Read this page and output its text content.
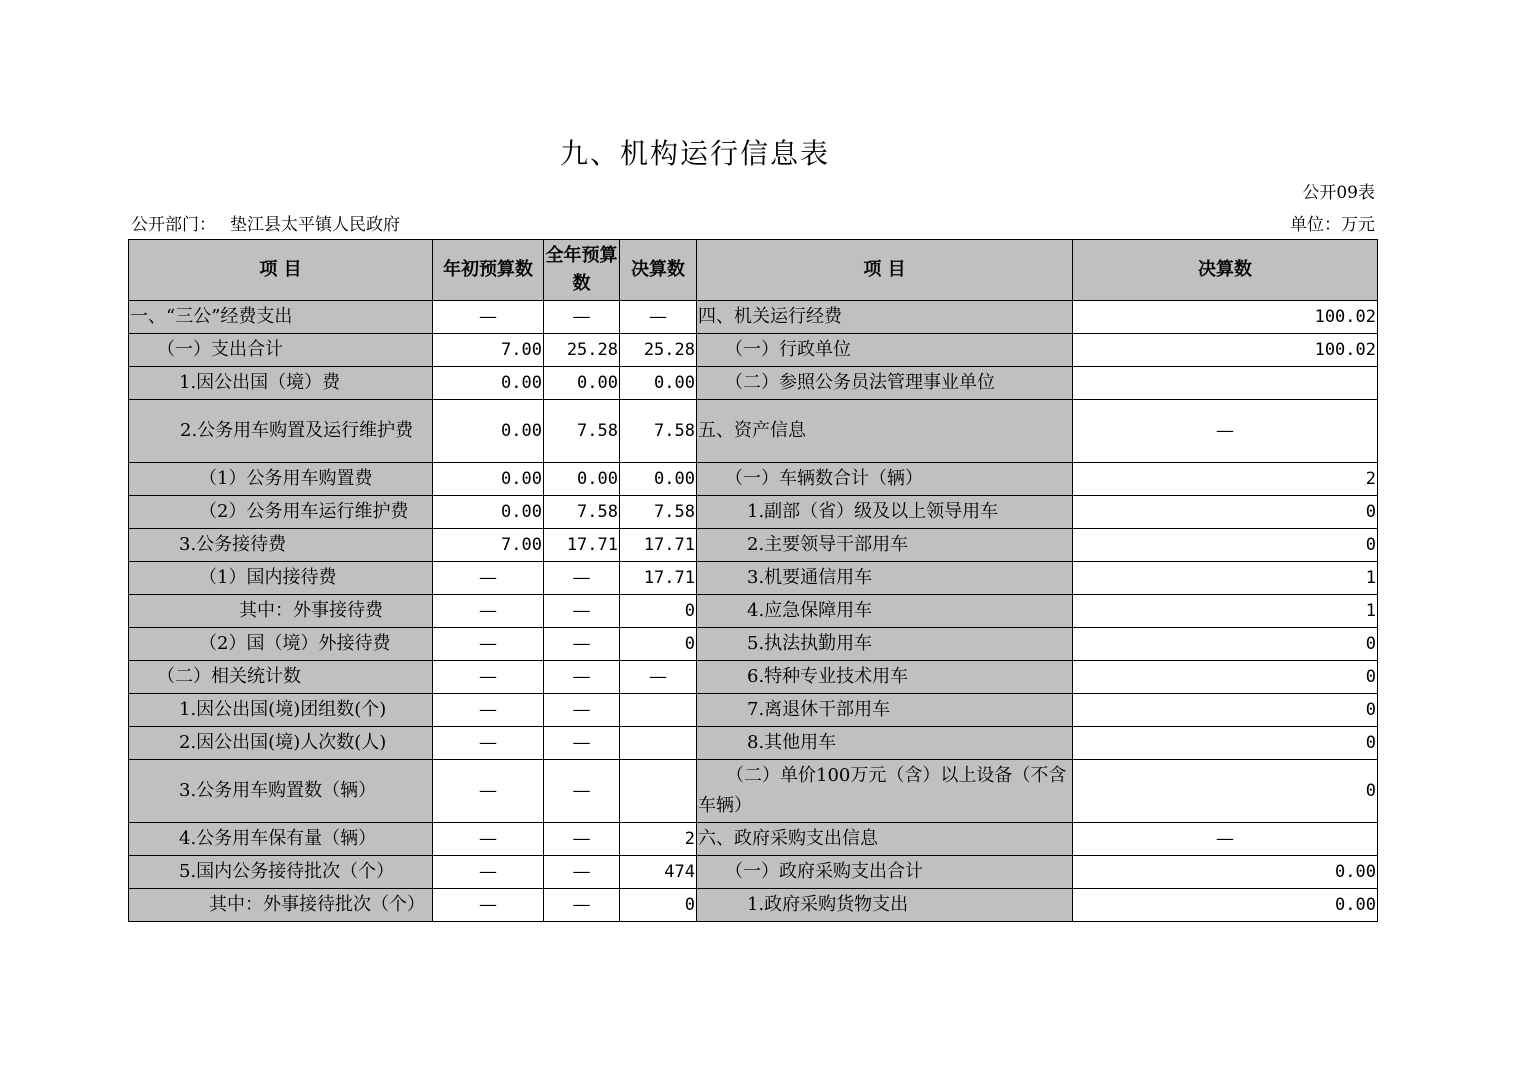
九、机构运行信息表
公开09表
公开部门： 垫江县太平镇人民政府	单位：万元
项 目	年初预算数	全年预算数	决算数	项 目	决算数
一、“三公”经费支出	—	—	—	四、机关运行经费	100.02
（一）支出合计	7.00	25.28	25.28	（一）行政单位	100.02
1.因公出国（境）费	0.00	0.00	0.00	（二）参照公务员法管理事业单位	
2.公务用车购置及运行维护费	0.00	7.58	7.58	五、资产信息	—
（1）公务用车购置费	0.00	0.00	0.00	（一）车辆数合计（辆）	2
（2）公务用车运行维护费	0.00	7.58	7.58	1.副部（省）级及以上领导用车	0
3.公务接待费	7.00	17.71	17.71	2.主要领导干部用车	0
（1）国内接待费	—	—	17.71	3.机要通信用车	1
其中：外事接待费	—	—	0	4.应急保障用车	1
（2）国（境）外接待费	—	—	0	5.执法执勤用车	0
（二）相关统计数	—	—	—	6.特种专业技术用车	0
1.因公出国(境)团组数(个)	—	—		7.离退休干部用车	0
2.因公出国(境)人次数(人)	—	—		8.其他用车	0
3.公务用车购置数（辆）	—	—		（二）单价100万元（含）以上设备（不含车辆）	0
4.公务用车保有量（辆）	—	—	2	六、政府采购支出信息	—
5.国内公务接待批次（个）	—	—	474	（一）政府采购支出合计	0.00
其中：外事接待批次（个）	—	—	0	1.政府采购货物支出	0.00
